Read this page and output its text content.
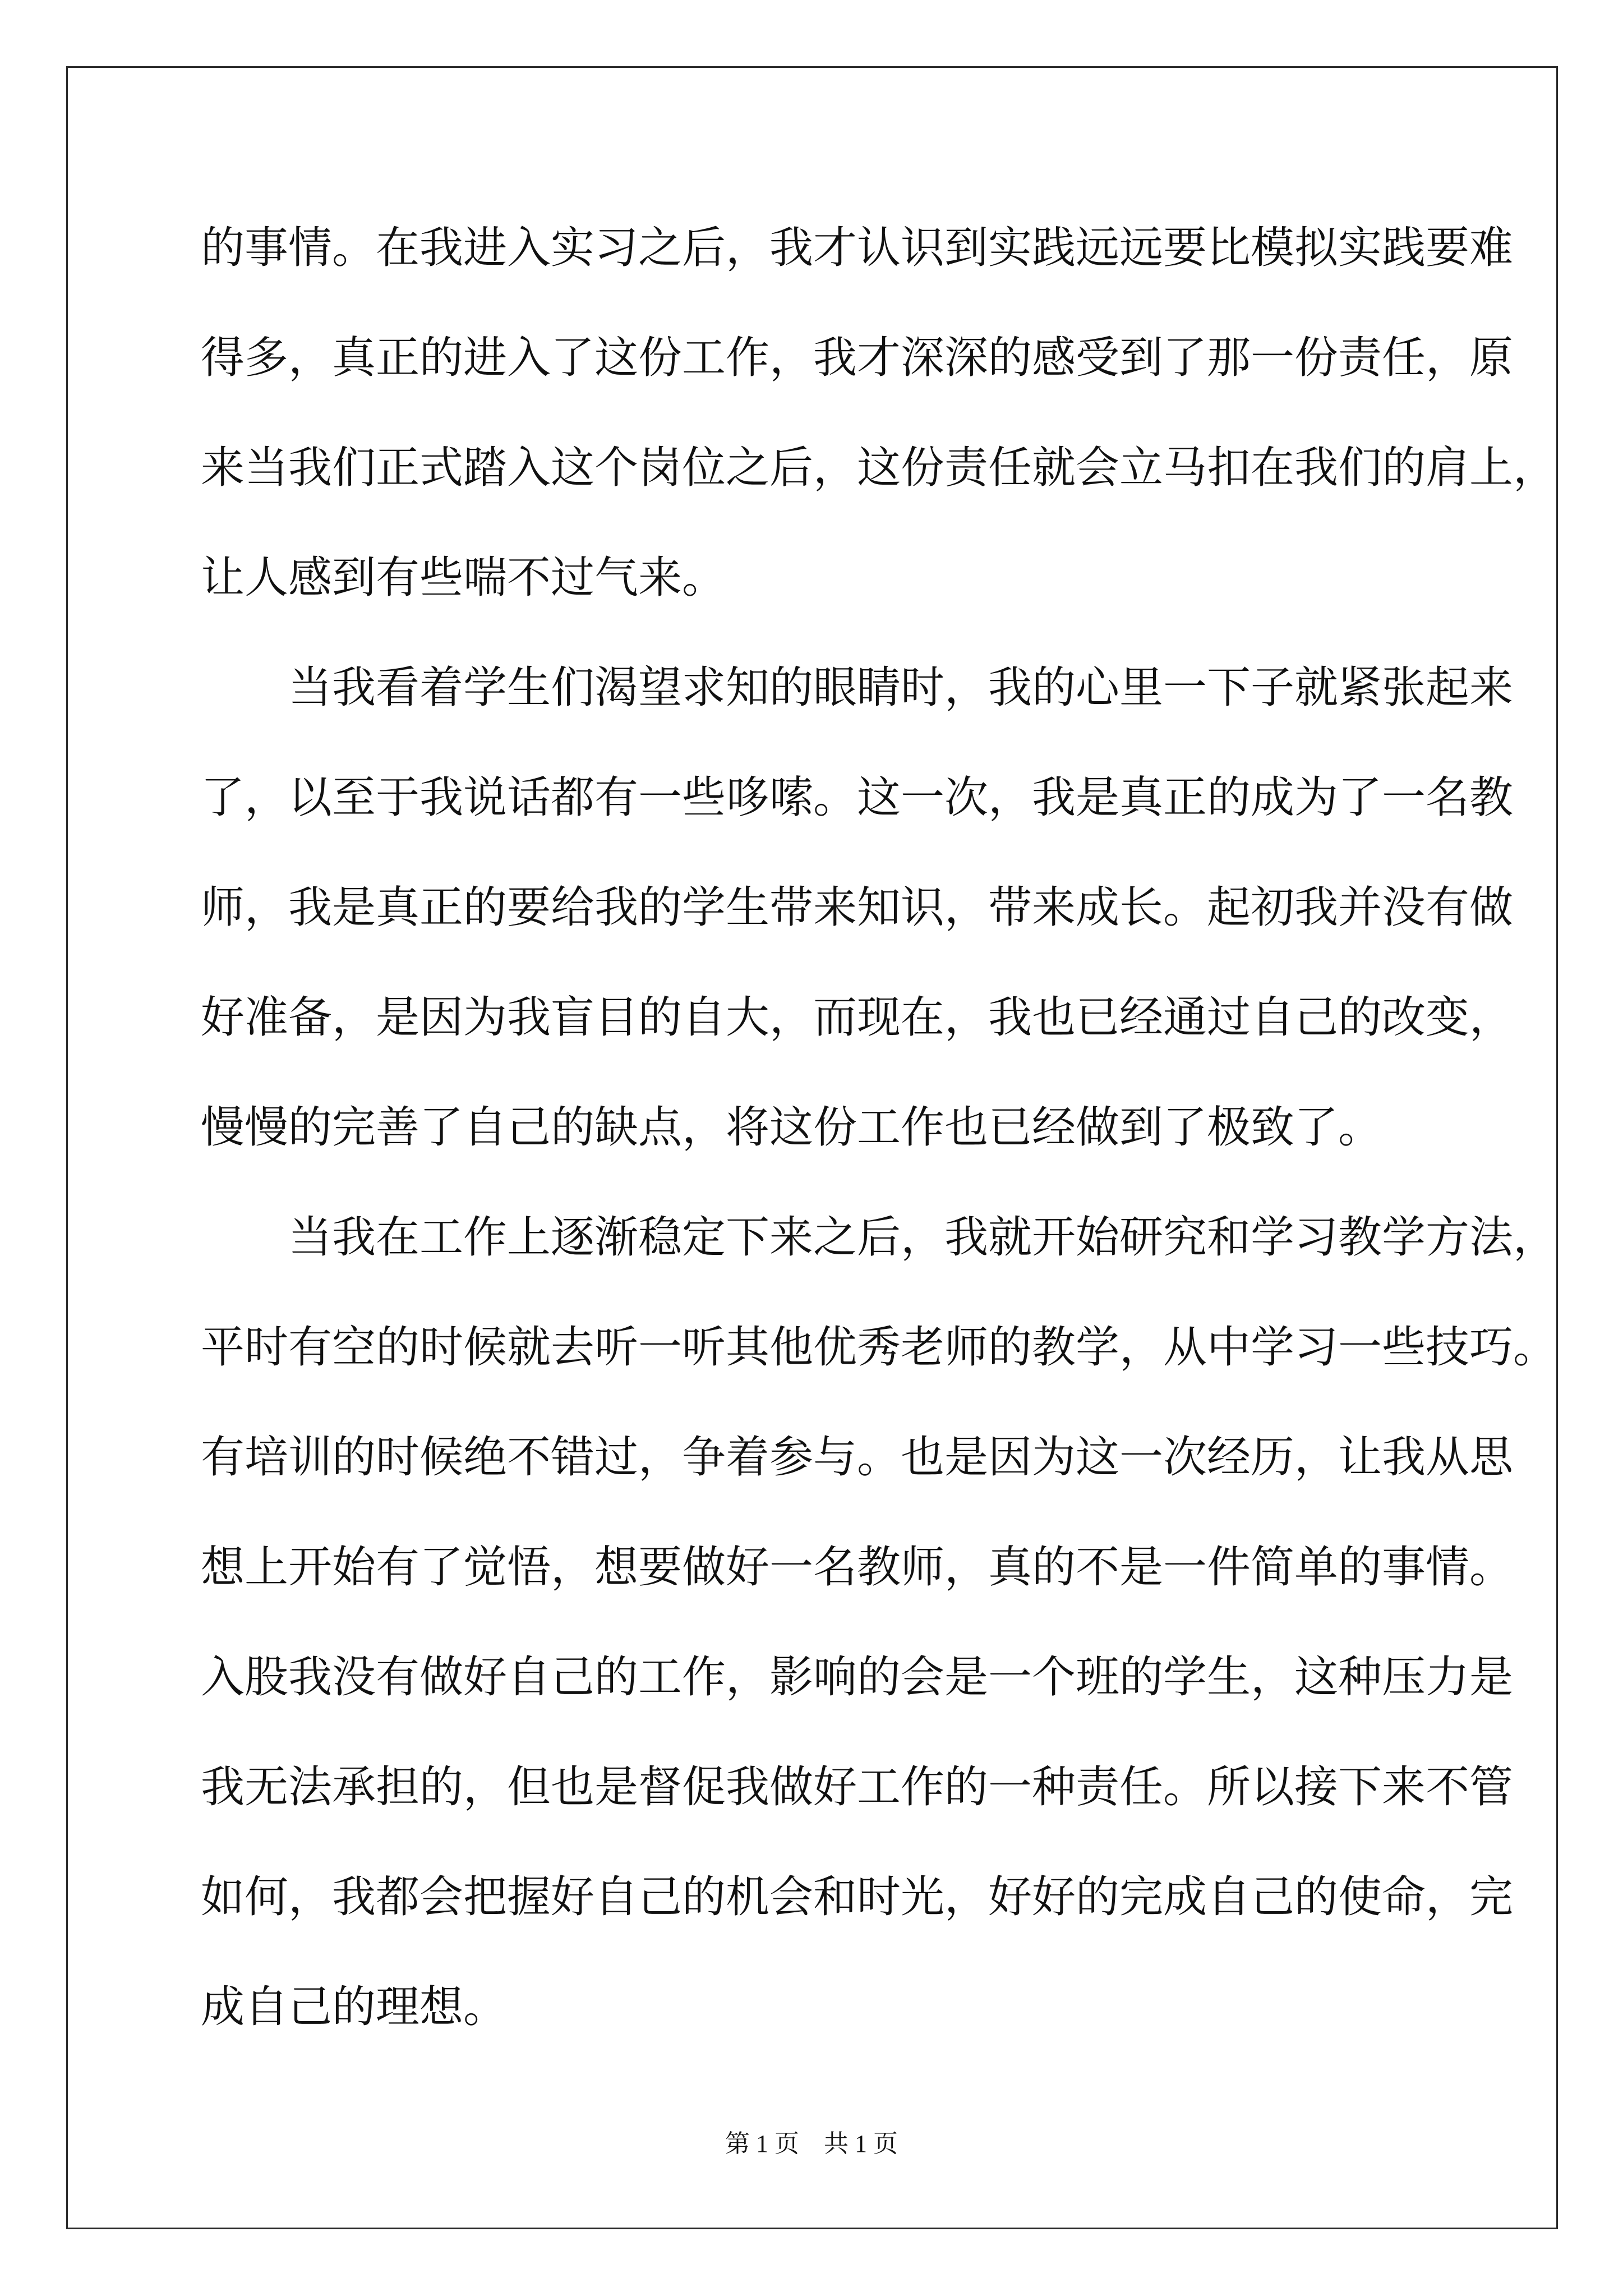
的事情。在我进入实习之后，我才认识到实践远远要比模拟实践要难
得多，真正的进入了这份工作，我才深深的感受到了那一份责任，原
来当我们正式踏入这个岗位之后，这份责任就会立马扣在我们的肩上，
让人感到有些喘不过气来。
当我看着学生们渴望求知的眼睛时，我的心里一下子就紧张起来
了，以至于我说话都有一些哆嗦。这一次，我是真正的成为了一名教
师，我是真正的要给我的学生带来知识，带来成长。起初我并没有做
好准备，是因为我盲目的自大，而现在，我也已经通过自己的改变，
慢慢的完善了自己的缺点，将这份工作也已经做到了极致了。
当我在工作上逐渐稳定下来之后，我就开始研究和学习教学方法，
平时有空的时候就去听一听其他优秀老师的教学，从中学习一些技巧。
有培训的时候绝不错过，争着参与。也是因为这一次经历，让我从思
想上开始有了觉悟，想要做好一名教师，真的不是一件简单的事情。
入股我没有做好自己的工作，影响的会是一个班的学生，这种压力是
我无法承担的，但也是督促我做好工作的一种责任。所以接下来不管
如何，我都会把握好自己的机会和时光，好好的完成自己的使命，完
成自己的理想。
第 1 页 共 1 页
